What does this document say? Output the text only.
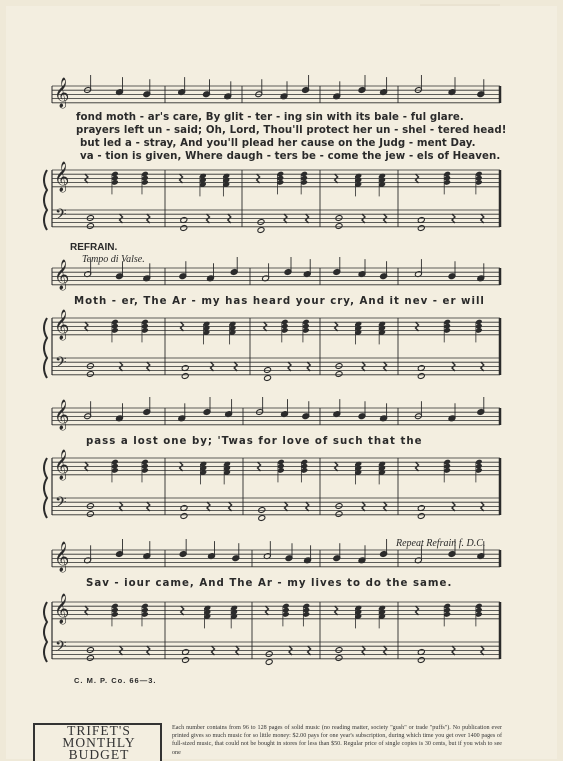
𝄞
𝄞
𝄢
𝄞
𝄞
𝄢
𝄞
𝄞
𝄢
𝄞
𝄞
𝄢
fond moth - ar's care, By glit - ter - ing sin with its bale - ful glare.
prayers left un - said; Oh, Lord, Thou'll protect her un - shel - tered head!
but led a - stray, And you'll plead her cause on the Judg - ment Day.
va - tion is given, Where daugh - ters be - come the jew - els of Heaven.
REFRAIN.
Tempo di Valse.
Moth - er, The Ar - my has heard your cry, And it nev - er will
pass a lost one by; 'Twas for love of such that the
Sav - iour came, And The Ar - my lives to do the same.
Repeat Refrain f. D.C.
C. M. P. Co. 66—3.
TRIFET'S MONTHLY BUDGET
Each number contains from 96 to 128 pages of solid music (no reading matter, society "gush" or trade "puffs"). No publication ever printed gives so much music for so little money: $2.00 pays for one year's subscription, during which time you get over 1400 pages of full-sized music, that could not be bought in stores for less than $50. Regular price of single copies is 30 cents, but if you wish to see one
